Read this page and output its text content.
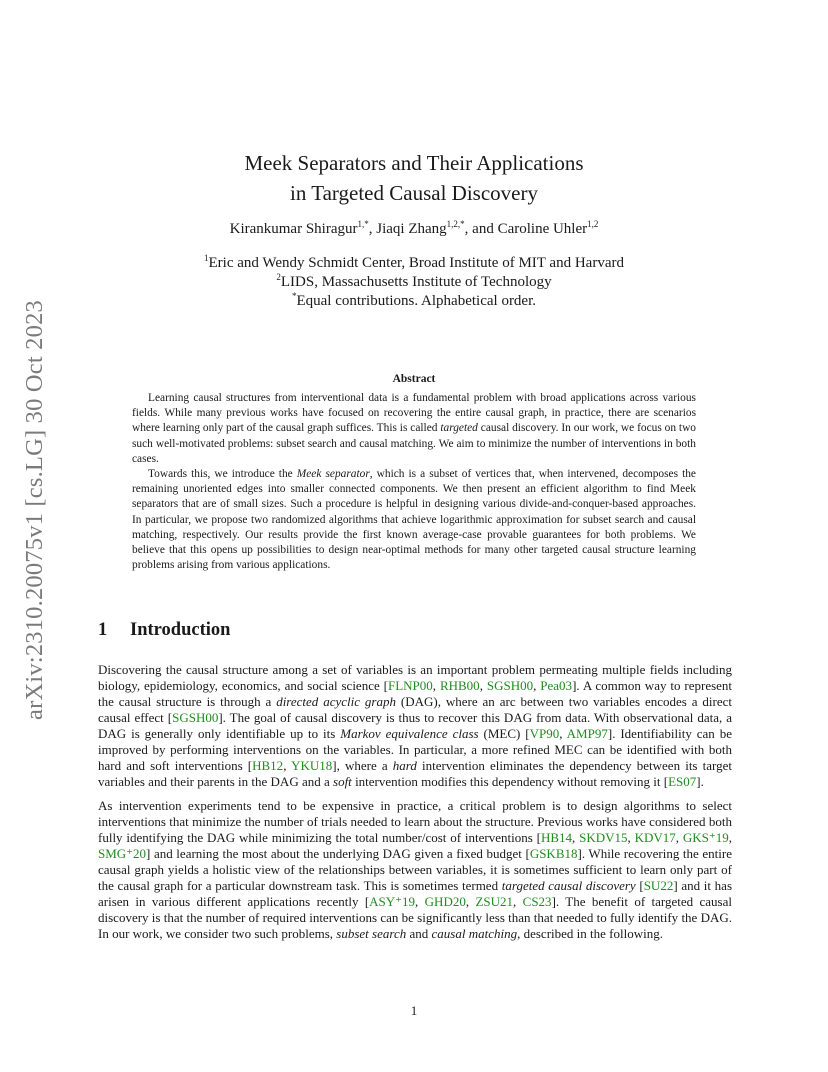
arXiv:2310.20075v1 [cs.LG] 30 Oct 2023
Meek Separators and Their Applications
in Targeted Causal Discovery
Kirankumar Shiragur$^{1,*}$, Jiaqi Zhang$^{1,2,*}$, and Caroline Uhler$^{1,2}$
$^1$Eric and Wendy Schmidt Center, Broad Institute of MIT and Harvard
$^2$LIDS, Massachusetts Institute of Technology
*Equal contributions. Alphabetical order.
Abstract

Learning causal structures from interventional data is a fundamental problem with broad applications across various fields. While many previous works have focused on recovering the entire causal graph, in practice, there are scenarios where learning only part of the causal graph suffices. This is called targeted causal discovery. In our work, we focus on two such well-motivated problems: subset search and causal matching. We aim to minimize the number of interventions in both cases.

Towards this, we introduce the Meek separator, which is a subset of vertices that, when intervened, decomposes the remaining unoriented edges into smaller connected components. We then present an efficient algorithm to find Meek separators that are of small sizes. Such a procedure is helpful in designing various divide-and-conquer-based approaches. In particular, we propose two randomized algorithms that achieve logarithmic approximation for subset search and causal matching, respectively. Our results provide the first known average-case provable guarantees for both problems. We believe that this opens up possibilities to design near-optimal methods for many other targeted causal structure learning problems arising from various applications.

1 Introduction

Discovering the causal structure among a set of variables is an important problem permeating multiple fields including biology, epidemiology, economics, and social science [FLNP00, RHB00, SGSH00, Pea03]. A common way to represent the causal structure is through a directed acyclic graph (DAG), where an arc between two variables encodes a direct causal effect [SGSH00]. The goal of causal discovery is thus to recover this DAG from data. With observational data, a DAG is generally only identifiable up to its Markov equivalence class (MEC) [VP90, AMP97]. Identifiability can be improved by performing interventions on the variables. In particular, a more refined MEC can be identified with both hard and soft interventions [HB12, YKU18], where a hard intervention eliminates the dependency between its target variables and their parents in the DAG and a soft intervention modifies this dependency without removing it [ES07].

As intervention experiments tend to be expensive in practice, a critical problem is to design algorithms to select interventions that minimize the number of trials needed to learn about the structure. Previous works have considered both fully identifying the DAG while minimizing the total number/cost of interventions [HB14, SKDV15, KDV17, GKS⁺19, SMG⁺20] and learning the most about the underlying DAG given a fixed budget [GSKB18]. While recovering the entire causal graph yields a holistic view of the relationships between variables, it is sometimes sufficient to learn only part of the causal graph for a particular downstream task. This is sometimes termed targeted causal discovery [SU22] and it has arisen in various different applications recently [ASY⁺19, GHD20, ZSU21, CS23]. The benefit of targeted causal discovery is that the number of required interventions can be significantly less than that needed to fully identify the DAG. In our work, we consider two such problems, subset search and causal matching, described in the following.

1
